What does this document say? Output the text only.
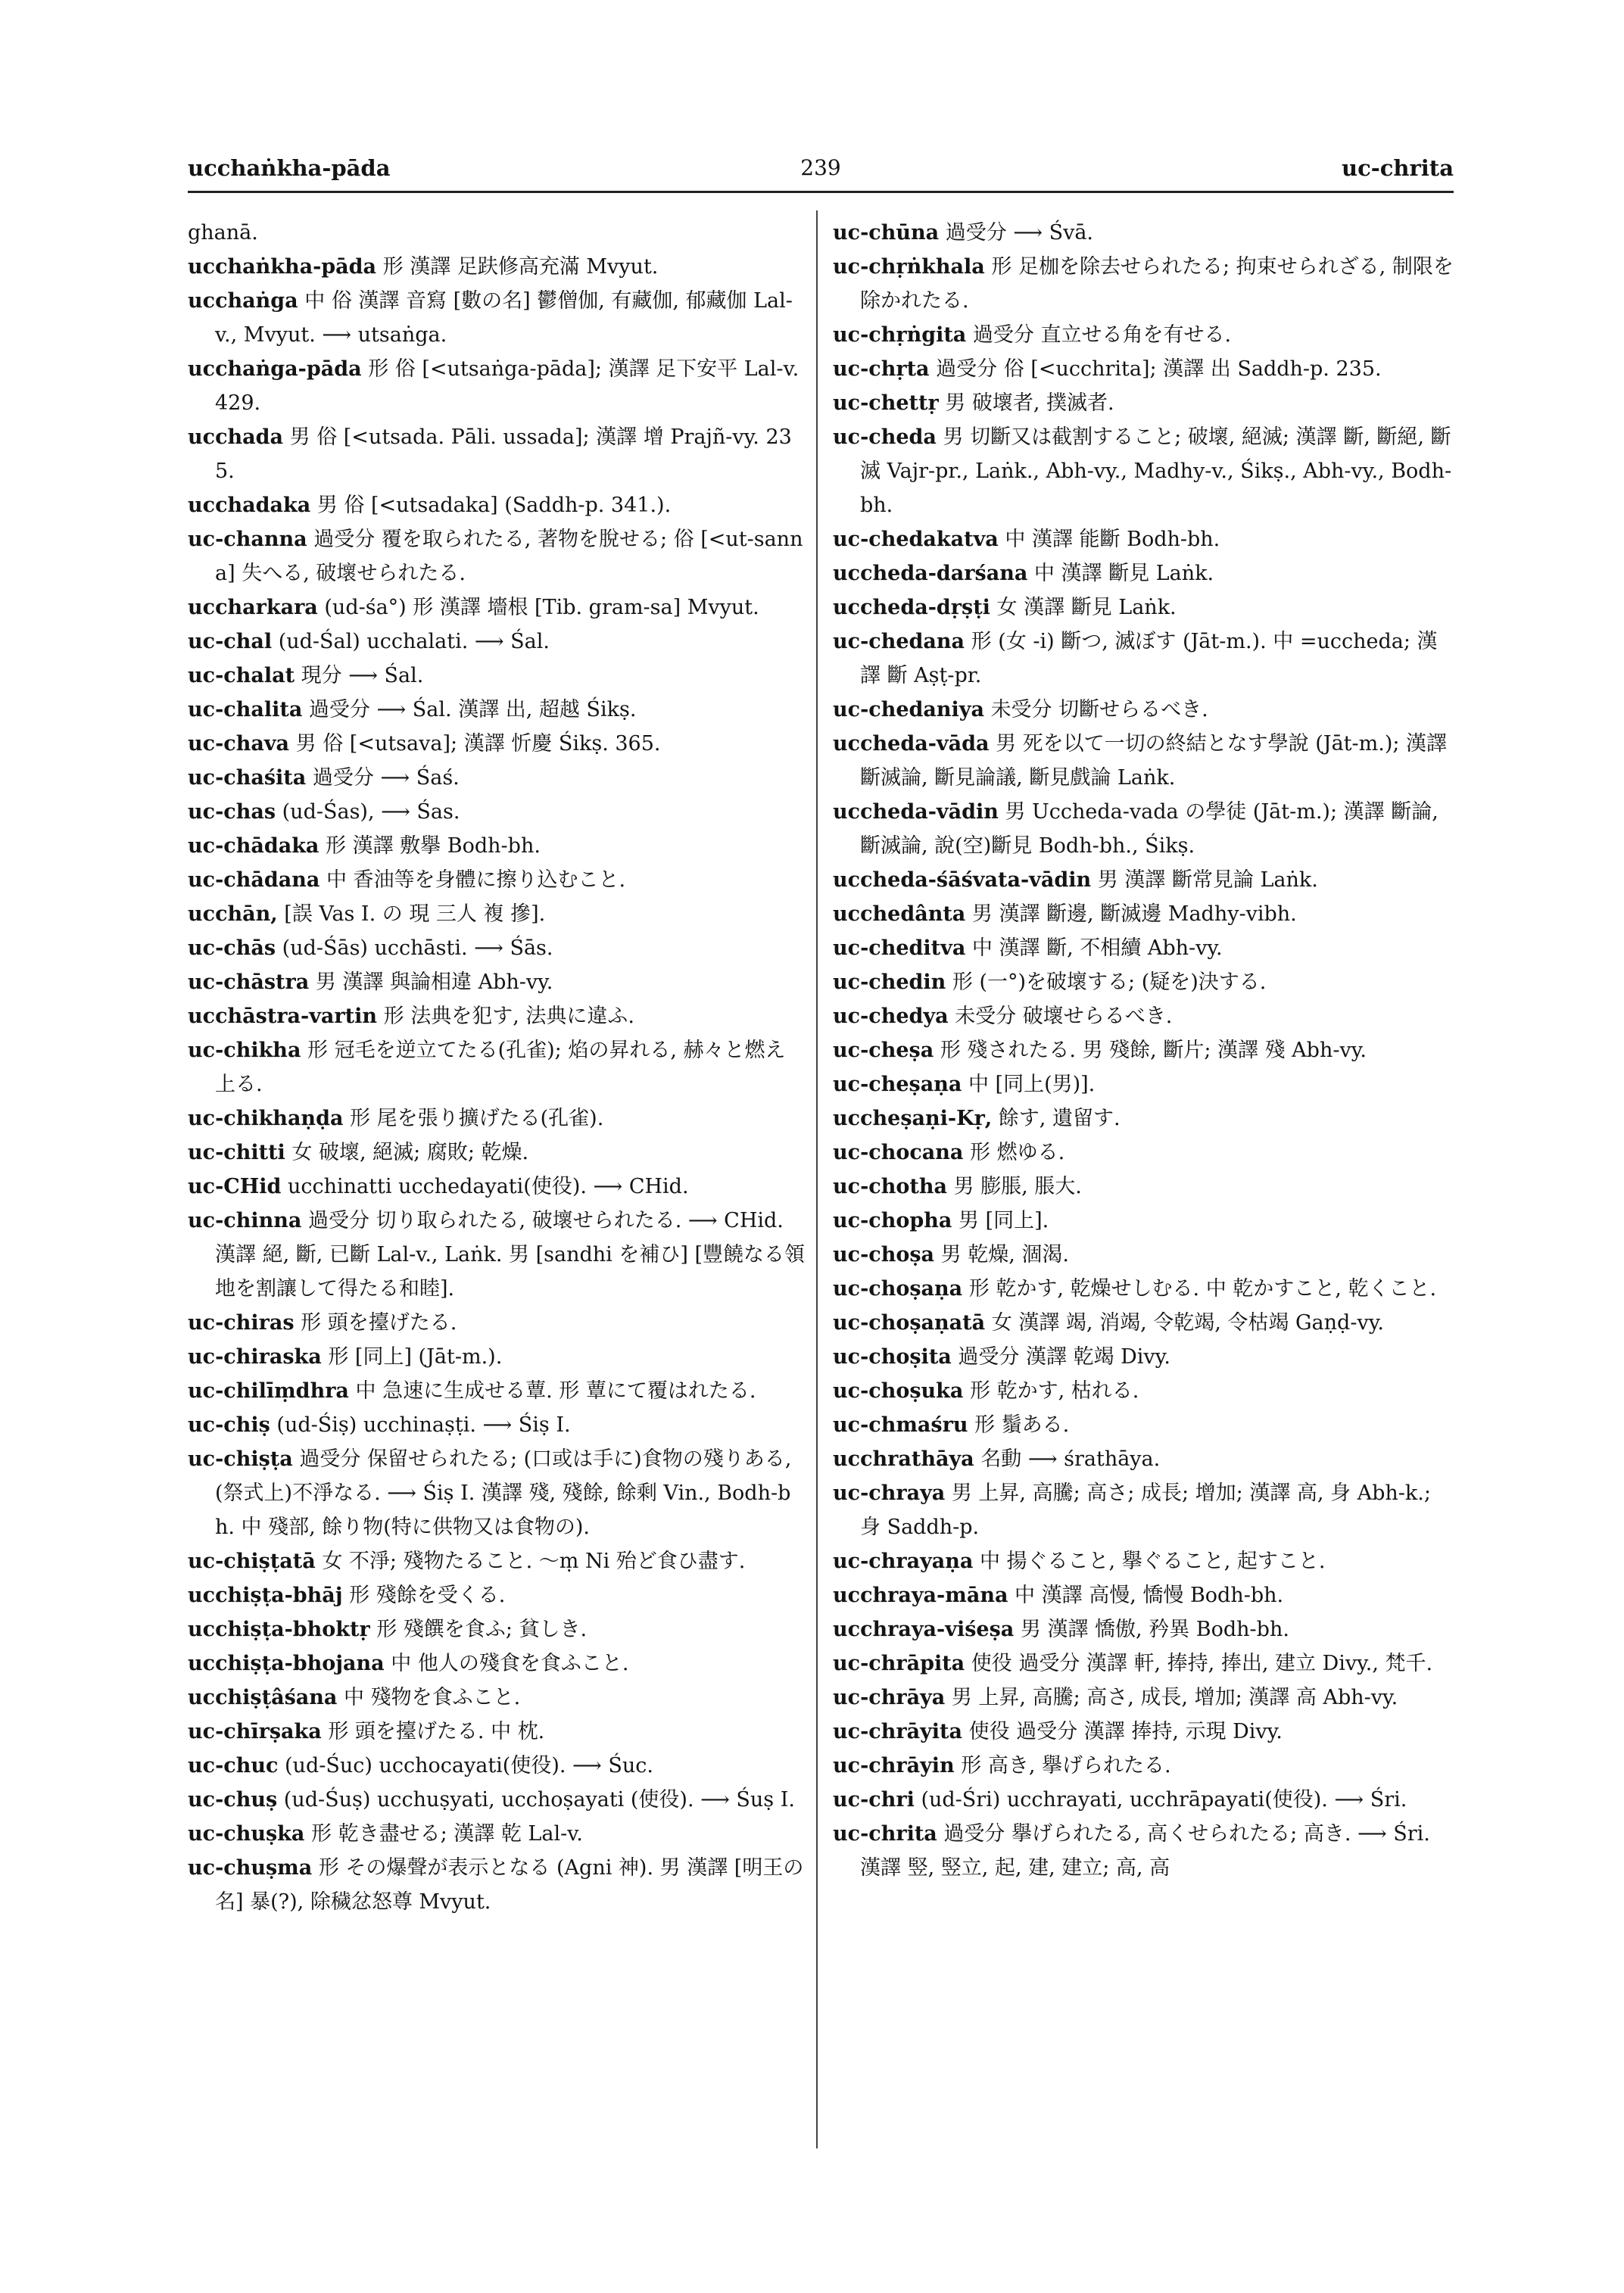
ucchaṅkha-pāda	239	uc-chrita
ghanā.
ucchaṅkha-pāda 形 漢譯 足趺修高充滿 Mvyut.
ucchaṅga 中 俗 漢譯 音寫 [數の名] 鬱僧伽, 有藏伽, 郁藏伽 Lal-v., Mvyut. ⟶ utsaṅga.
ucchaṅga-pāda 形 俗 [<utsaṅga-pāda]; 漢譯 足下安平 Lal-v. 429.
ucchada 男 俗 [<utsada. Pāli. ussada]; 漢譯 增 Prajñ-vy. 235.
ucchadaka 男 俗 [<utsadaka] (Saddh-p. 341.).
uc-channa 過受分 覆を取られたる, 著物を脫せる; 俗 [<ut-sanna] 失へる, 破壞せられたる.
uccharkara (ud-śa°) 形 漢譯 墻根 [Tib. gram-sa] Mvyut.
uc-chal (ud-Śal) ucchalati. ⟶ Śal.
uc-chalat 現分 ⟶ Śal.
uc-chalita 過受分 ⟶ Śal. 漢譯 出, 超越 Śikṣ.
uc-chava 男 俗 [<utsava]; 漢譯 忻慶 Śikṣ. 365.
uc-chaśita 過受分 ⟶ Śaś.
uc-chas (ud-Śas), ⟶ Śas.
uc-chādaka 形 漢譯 敷擧 Bodh-bh.
uc-chādana 中 香油等を身體に擦り込むこと.
ucchān, [誤 Vas I. の 現 三人 複 摻].
uc-chās (ud-Śās) ucchāsti. ⟶ Śās.
uc-chāstra 男 漢譯 與論相違 Abh-vy.
ucchāstra-vartin 形 法典を犯す, 法典に違ふ.
uc-chikha 形 冠毛を逆立てたる(孔雀); 焰の昇れる, 赫々と燃え上る.
uc-chikhaṇḍa 形 尾を張り擴げたる(孔雀).
uc-chitti 女 破壞, 絕滅; 腐敗; 乾燥.
uc-CHid ucchinatti ucchedayati(使役). ⟶ CHid.
uc-chinna 過受分 切り取られたる, 破壞せられたる. ⟶ CHid. 漢譯 絕, 斷, 已斷 Lal-v., Laṅk. 男 [sandhi を補ひ] [豐饒なる領地を割讓して得たる和睦].
uc-chiras 形 頭を擡げたる.
uc-chiraska 形 [同上] (Jāt-m.).
uc-chilīṃdhra 中 急速に生成せる蕈. 形 蕈にて覆はれたる.
uc-chiṣ (ud-Śiṣ) ucchinaṣṭi. ⟶ Śiṣ I.
uc-chiṣṭa 過受分 保留せられたる; (口或は手に)食物の殘りある, (祭式上)不淨なる. ⟶ Śiṣ I. 漢譯 殘, 殘餘, 餘剩 Vin., Bodh-bh. 中 殘部, 餘り物(特に供物又は食物の).
uc-chiṣṭatā 女 不淨; 殘物たること. 〜ṃ Ni 殆ど食ひ盡す.
ucchiṣṭa-bhāj 形 殘餘を受くる.
ucchiṣṭa-bhoktṛ 形 殘饌を食ふ; 貧しき.
ucchiṣṭa-bhojana 中 他人の殘食を食ふこと.
ucchiṣṭâśana 中 殘物を食ふこと.
uc-chīrṣaka 形 頭を擡げたる. 中 枕.
uc-chuc (ud-Śuc) ucchocayati(使役). ⟶ Śuc.
uc-chuṣ (ud-Śuṣ) ucchuṣyati, ucchoṣayati (使役). ⟶ Śuṣ I.
uc-chuṣka 形 乾き盡せる; 漢譯 乾 Lal-v.
uc-chuṣma 形 その爆聲が表示となる (Agni 神). 男 漢譯 [明王の名] 暴(?), 除穢忿怒尊 Mvyut.
uc-chūna 過受分 ⟶ Śvā.
uc-chṛṅkhala 形 足枷を除去せられたる; 拘束せられざる, 制限を除かれたる.
uc-chṛṅgita 過受分 直立せる角を有せる.
uc-chṛta 過受分 俗 [<ucchrita]; 漢譯 出 Saddh-p. 235.
uc-chettṛ 男 破壞者, 撲滅者.
uc-cheda 男 切斷又は截割すること; 破壞, 絕滅; 漢譯 斷, 斷絕, 斷滅 Vajr-pr., Laṅk., Abh-vy., Madhy-v., Śikṣ., Abh-vy., Bodh-bh.
uc-chedakatva 中 漢譯 能斷 Bodh-bh.
uccheda-darśana 中 漢譯 斷見 Laṅk.
uccheda-dṛṣṭi 女 漢譯 斷見 Laṅk.
uc-chedana 形 (女 -i) 斷つ, 滅ぼす (Jāt-m.). 中 =uccheda; 漢譯 斷 Aṣṭ-pr.
uc-chedaniya 未受分 切斷せらるべき.
uccheda-vāda 男 死を以て一切の終結となす學說 (Jāt-m.); 漢譯 斷滅論, 斷見論議, 斷見戲論 Laṅk.
uccheda-vādin 男 Uccheda-vada の學徒 (Jāt-m.); 漢譯 斷論, 斷滅論, 說(空)斷見 Bodh-bh., Śikṣ.
uccheda-śāśvata-vādin 男 漢譯 斷常見論 Laṅk.
ucchedânta 男 漢譯 斷邊, 斷滅邊 Madhy-vibh.
uc-cheditva 中 漢譯 斷, 不相續 Abh-vy.
uc-chedin 形 (一°)を破壞する; (疑を)決する.
uc-chedya 未受分 破壞せらるべき.
uc-cheṣa 形 殘されたる. 男 殘餘, 斷片; 漢譯 殘 Abh-vy.
uc-cheṣaṇa 中 [同上(男)].
uccheṣaṇi-Kṛ, 餘す, 遺留す.
uc-chocana 形 燃ゆる.
uc-chotha 男 膨脹, 脹大.
uc-chopha 男 [同上].
uc-choṣa 男 乾燥, 涸渴.
uc-choṣaṇa 形 乾かす, 乾燥せしむる. 中 乾かすこと, 乾くこと.
uc-choṣaṇatā 女 漢譯 竭, 消竭, 令乾竭, 令枯竭 Gaṇḍ-vy.
uc-choṣita 過受分 漢譯 乾竭 Divy.
uc-choṣuka 形 乾かす, 枯れる.
uc-chmaśru 形 鬚ある.
ucchrathāya 名動 ⟶ śrathāya.
uc-chraya 男 上昇, 高騰; 高さ; 成長; 增加; 漢譯 高, 身 Abh-k.; 身 Saddh-p.
uc-chrayaṇa 中 揚ぐること, 擧ぐること, 起すこと.
ucchraya-māna 中 漢譯 高慢, 憍慢 Bodh-bh.
ucchraya-viśeṣa 男 漢譯 憍傲, 矜異 Bodh-bh.
uc-chrāpita 使役 過受分 漢譯 軒, 捧持, 捧出, 建立 Divy., 梵千.
uc-chrāya 男 上昇, 高騰; 高さ, 成長, 增加; 漢譯 高 Abh-vy.
uc-chrāyita 使役 過受分 漢譯 捧持, 示現 Divy.
uc-chrāyin 形 高き, 擧げられたる.
uc-chri (ud-Śri) ucchrayati, ucchrāpayati(使役). ⟶ Śri.
uc-chrita 過受分 擧げられたる, 高くせられたる; 高き. ⟶ Śri. 漢譯 竪, 竪立, 起, 建, 建立; 高, 高
